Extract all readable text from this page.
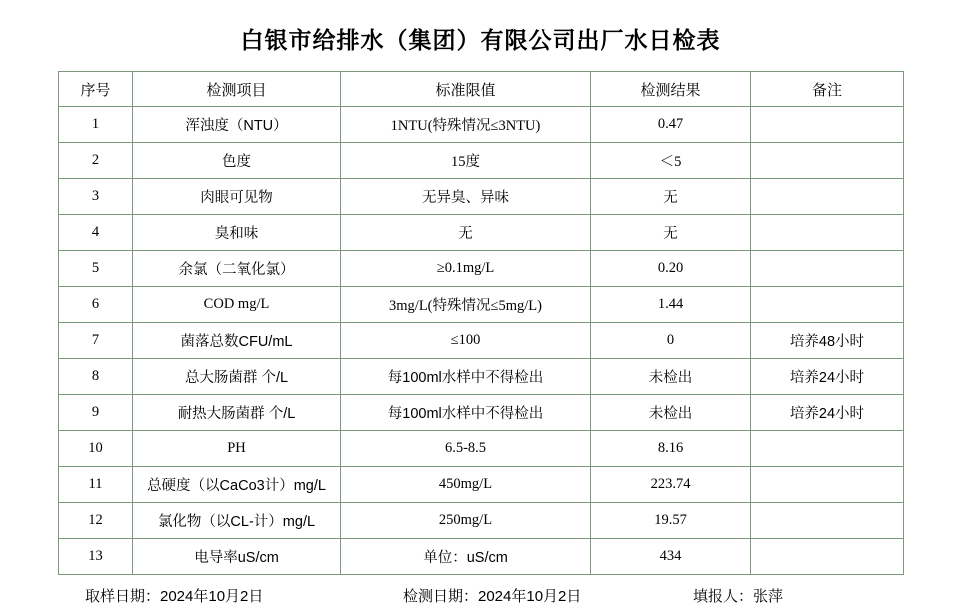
白银市给排水（集团）有限公司出厂水日检表
序号	检测项目	标准限值	检测结果	备注
1	浑浊度（NTU）	1NTU(特殊情况≤3NTU)	0.47	
2	色度	15度	＜5	
3	肉眼可见物	无异臭、异味	无	
4	臭和味	无	无	
5	余氯（二氧化氯）	≥0.1mg/L	0.20	
6	COD mg/L	3mg/L(特殊情况≤5mg/L)	1.44	
7	菌落总数CFU/mL	≤100	0	培养48小时
8	总大肠菌群 个/L	每100ml水样中不得检出	未检出	培养24小时
9	耐热大肠菌群 个/L	每100ml水样中不得检出	未检出	培养24小时
10	PH	6.5-8.5	8.16	
11	总硬度（以CaCo3计）mg/L	450mg/L	223.74	
12	氯化物（以CL-计）mg/L	250mg/L	19.57	
13	电导率uS/cm	单位：uS/cm	434	
取样日期：2024年10月2日	检测日期：2024年10月2日	填报人：张萍
